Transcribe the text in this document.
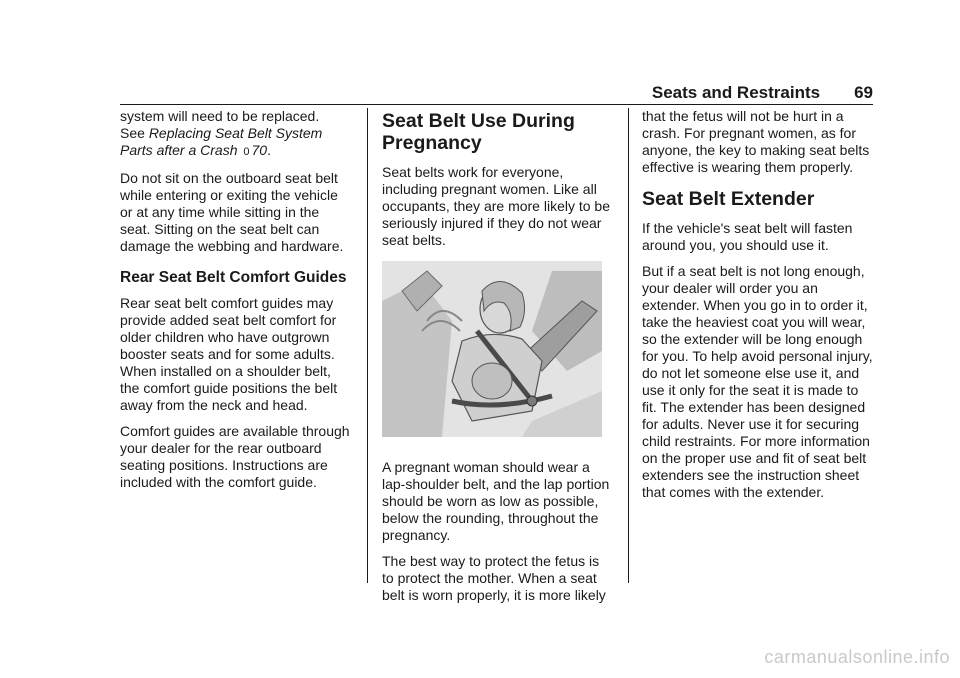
Seats and Restraints 69

system will need to be replaced.
See Replacing Seat Belt System Parts after a Crash 0 70.

Do not sit on the outboard seat belt while entering or exiting the vehicle or at any time while sitting in the seat. Sitting on the seat belt can damage the webbing and hardware.

Rear Seat Belt Comfort Guides

Rear seat belt comfort guides may provide added seat belt comfort for older children who have outgrown booster seats and for some adults. When installed on a shoulder belt, the comfort guide positions the belt away from the neck and head.

Comfort guides are available through your dealer for the rear outboard seating positions. Instructions are included with the comfort guide.

Seat Belt Use During Pregnancy

Seat belts work for everyone, including pregnant women. Like all occupants, they are more likely to be seriously injured if they do not wear seat belts.

A pregnant woman should wear a lap-shoulder belt, and the lap portion should be worn as low as possible, below the rounding, throughout the pregnancy.

The best way to protect the fetus is to protect the mother. When a seat belt is worn properly, it is more likely

that the fetus will not be hurt in a crash. For pregnant women, as for anyone, the key to making seat belts effective is wearing them properly.

Seat Belt Extender

If the vehicle's seat belt will fasten around you, you should use it.

But if a seat belt is not long enough, your dealer will order you an extender. When you go in to order it, take the heaviest coat you will wear, so the extender will be long enough for you. To help avoid personal injury, do not let someone else use it, and use it only for the seat it is made to fit. The extender has been designed for adults. Never use it for securing child restraints. For more information on the proper use and fit of seat belt extenders see the instruction sheet that comes with the extender.

carmanualsonline.info
